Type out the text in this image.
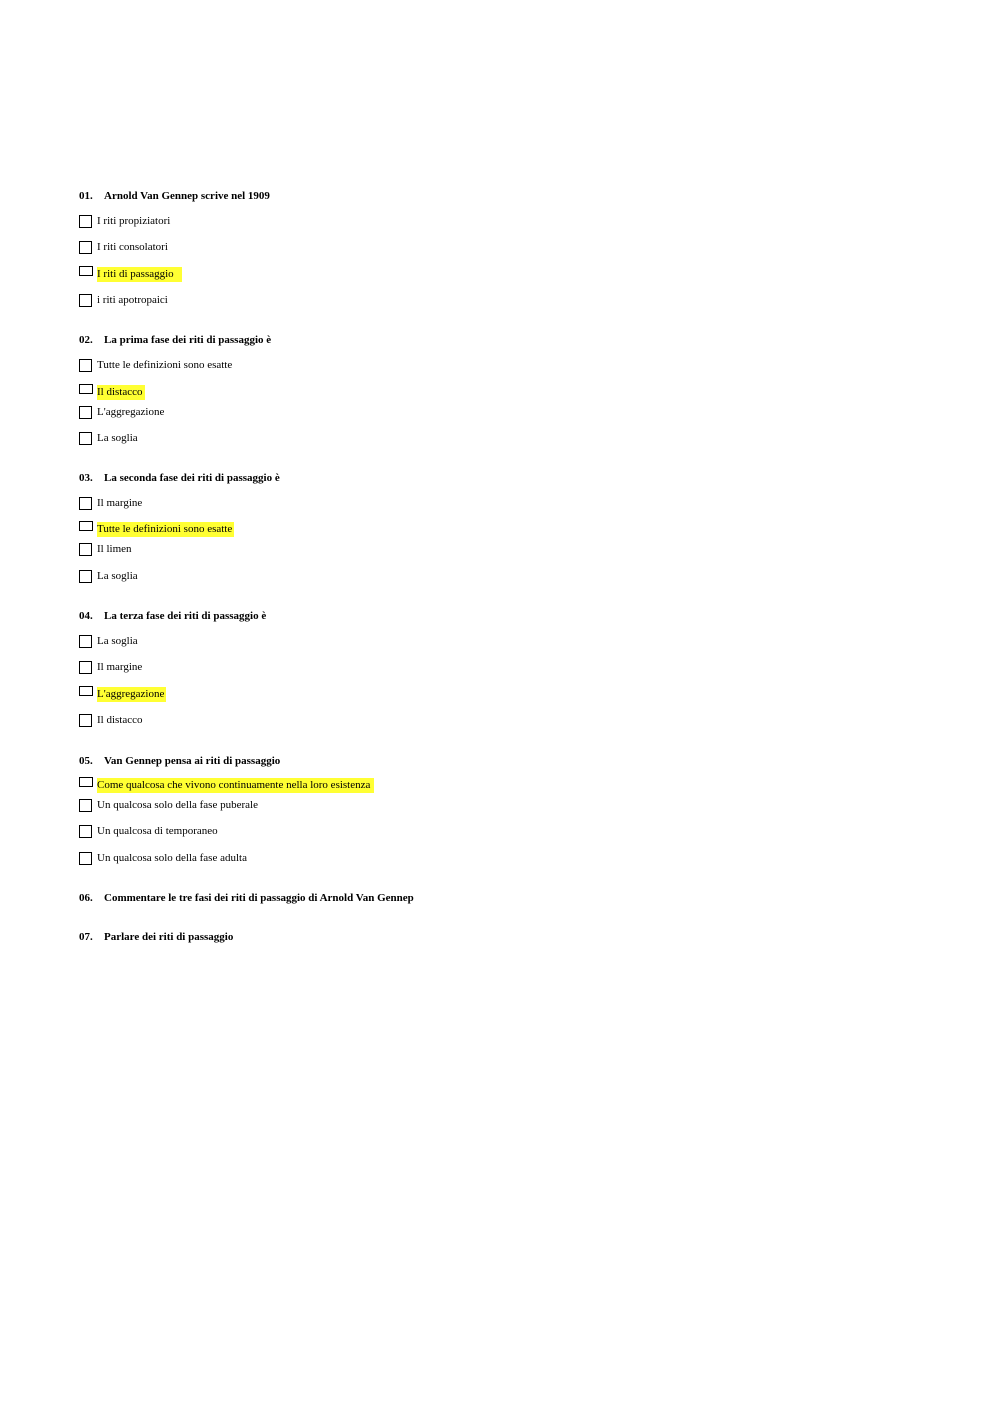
01. Arnold Van Gennep scrive nel 1909
I riti propiziatori
I riti consolatori
I riti di passaggio
i riti apotropaici
02. La prima fase dei riti di passaggio è
Tutte le definizioni sono esatte
Il distacco
L'aggregazione
La soglia
03. La seconda fase dei riti di passaggio è
Il margine
Tutte le definizioni sono esatte
Il limen
La soglia
04. La terza fase dei riti di passaggio è
La soglia
Il margine
L'aggregazione
Il distacco
05. Van Gennep pensa ai riti di passaggio
Come qualcosa che vivono continuamente nella loro esistenza
Un qualcosa solo della fase puberale
Un qualcosa di temporaneo
Un qualcosa solo della fase adulta
06. Commentare le tre fasi dei riti di passaggio di Arnold Van Gennep
07. Parlare dei riti di passaggio
